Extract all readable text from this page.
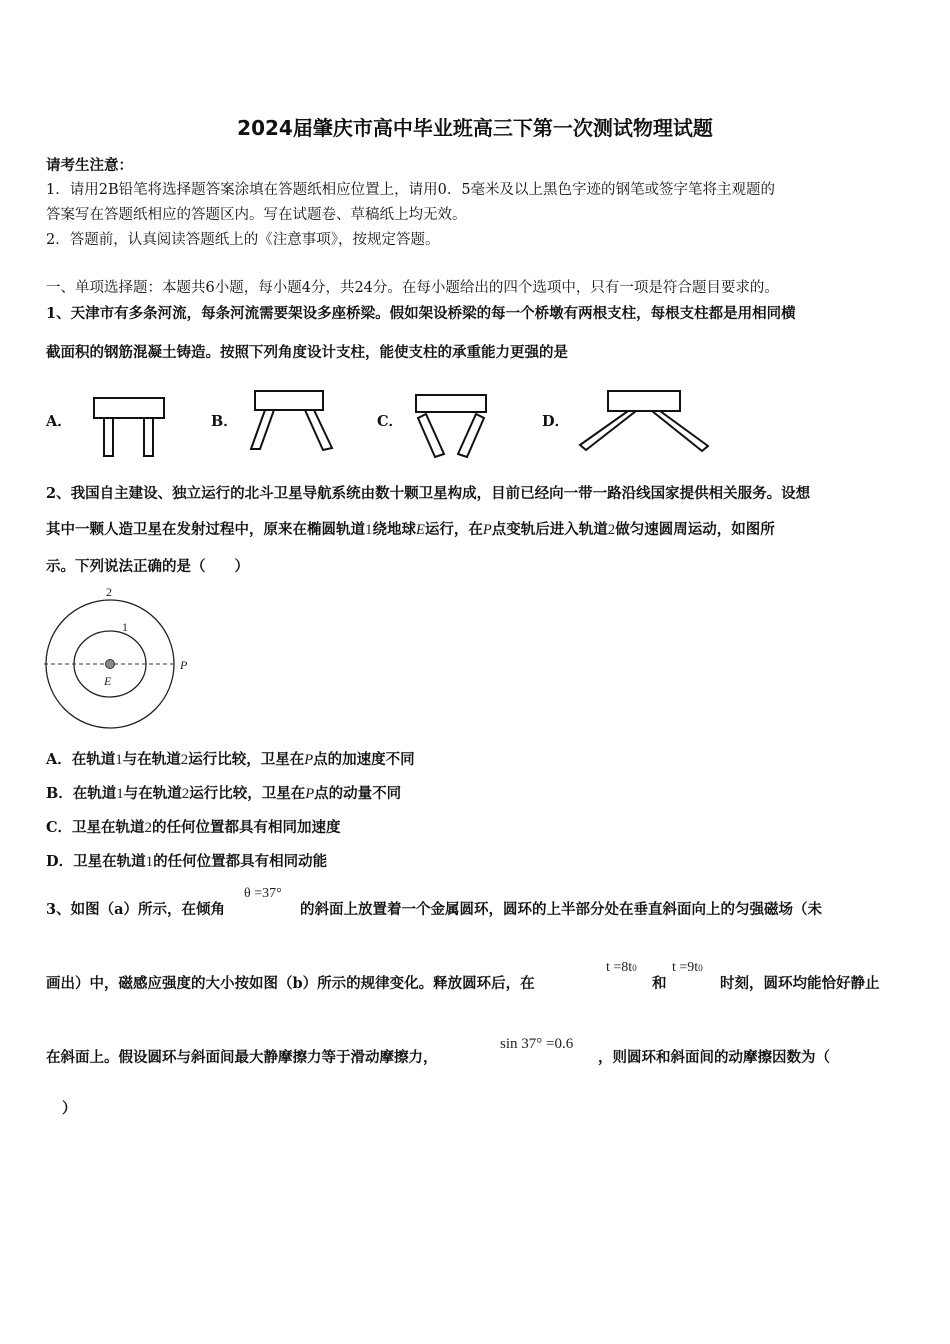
2024届肇庆市高中毕业班高三下第一次测试物理试题
请考生注意：
1．请用2B铅笔将选择题答案涂填在答题纸相应位置上，请用0．5毫米及以上黑色字迹的钢笔或签字笔将主观题的
答案写在答题纸相应的答题区内。写在试题卷、草稿纸上均无效。
2．答题前，认真阅读答题纸上的《注意事项》，按规定答题。
一、单项选择题：本题共6小题，每小题4分，共24分。在每小题给出的四个选项中，只有一项是符合题目要求的。
1、天津市有多条河流，每条河流需要架设多座桥梁。假如架设桥梁的每一个桥墩有两根支柱，每根支柱都是用相同横
截面积的钢筋混凝土铸造。按照下列角度设计支柱，能使支柱的承重能力更强的是
A．	B．	C．	D．
2、我国自主建设、独立运行的北斗卫星导航系统由数十颗卫星构成，目前已经向一带一路沿线国家提供相关服务。设想
其中一颗人造卫星在发射过程中，原来在椭圆轨道1绕地球E运行，在P点变轨后进入轨道2做匀速圆周运动，如图所
示。下列说法正确的是（　　）
2
1
P
E
A．在轨道1与在轨道2运行比较，卫星在P点的加速度不同
B．在轨道1与在轨道2运行比较，卫星在P点的动量不同
C．卫星在轨道2的任何位置都具有相同加速度
D．卫星在轨道1的任何位置都具有相同动能
3、如图（a）所示，在倾角
θ =37°
的斜面上放置着一个金属圆环，圆环的上半部分处在垂直斜面向上的匀强磁场（未
画出）中，磁感应强度的大小按如图（b）所示的规律变化。释放圆环后，在
t =8t0
和
t =9t0
时刻，圆环均能恰好静止
在斜面上。假设圆环与斜面间最大静摩擦力等于滑动摩擦力，
sin 37° =0.6
，则圆环和斜面间的动摩擦因数为（
）
